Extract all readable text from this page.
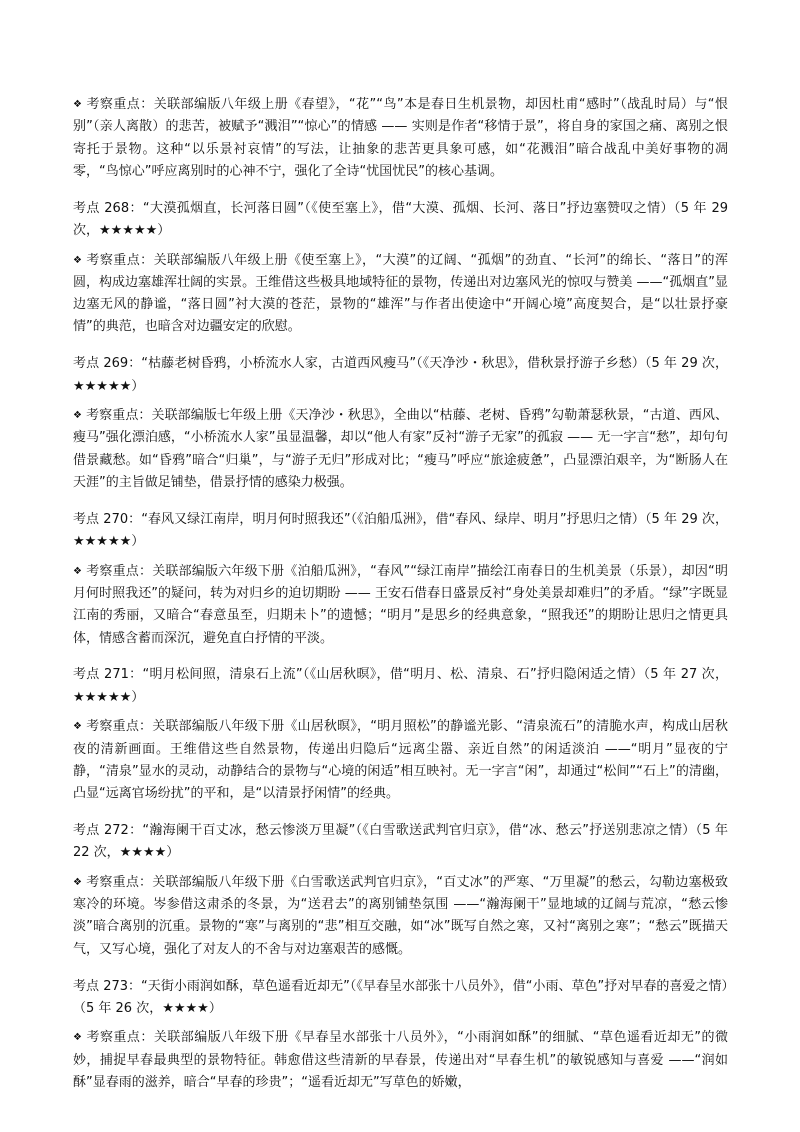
❖ 考察重点：关联部编版八年级上册《春望》，“花”“鸟”本是春日生机景物，却因杜甫“感时”（战乱时局）与“恨别”（亲人离散）的悲苦，被赋予“溅泪”“惊心”的情感 —— 实则是作者“移情于景”，将自身的家国之痛、离别之恨寄托于景物。这种“以乐景衬哀情”的写法，让抽象的悲苦更具象可感，如“花溅泪”暗合战乱中美好事物的凋零，“鸟惊心”呼应离别时的心神不宁，强化了全诗“忧国忧民”的核心基调。

考点 268：“大漠孤烟直，长河落日圆”（《使至塞上》，借“大漠、孤烟、长河、落日”抒边塞赞叹之情）（5 年 29 次，★★★★★）

❖ 考察重点：关联部编版八年级上册《使至塞上》，“大漠”的辽阔、“孤烟”的劲直、“长河”的绵长、“落日”的浑圆，构成边塞雄浑壮阔的实景。王维借这些极具地域特征的景物，传递出对边塞风光的惊叹与赞美 ——“孤烟直”显边塞无风的静谧，“落日圆”衬大漠的苍茫，景物的“雄浑”与作者出使途中“开阔心境”高度契合，是“以壮景抒豪情”的典范，也暗含对边疆安定的欣慰。

考点 269：“枯藤老树昏鸦，小桥流水人家，古道西风瘦马”（《天净沙・秋思》，借秋景抒游子乡愁）（5 年 29 次，★★★★★）

❖ 考察重点：关联部编版七年级上册《天净沙・秋思》，全曲以“枯藤、老树、昏鸦”勾勒萧瑟秋景，“古道、西风、瘦马”强化漂泊感，“小桥流水人家”虽显温馨，却以“他人有家”反衬“游子无家”的孤寂 —— 无一字言“愁”，却句句借景藏愁。如“昏鸦”暗合“归巢”，与“游子无归”形成对比；“瘦马”呼应“旅途疲惫”，凸显漂泊艰辛，为“断肠人在天涯”的主旨做足铺垫，借景抒情的感染力极强。

考点 270：“春风又绿江南岸，明月何时照我还”（《泊船瓜洲》，借“春风、绿岸、明月”抒思归之情）（5 年 29 次，★★★★★）

❖ 考察重点：关联部编版六年级下册《泊船瓜洲》，“春风”“绿江南岸”描绘江南春日的生机美景（乐景），却因“明月何时照我还”的疑问，转为对归乡的迫切期盼 —— 王安石借春日盛景反衬“身处美景却难归”的矛盾。“绿”字既显江南的秀丽，又暗合“春意虽至，归期未卜”的遗憾；“明月”是思乡的经典意象，“照我还”的期盼让思归之情更具体，情感含蓄而深沉，避免直白抒情的平淡。

考点 271：“明月松间照，清泉石上流”（《山居秋暝》，借“明月、松、清泉、石”抒归隐闲适之情）（5 年 27 次，★★★★★）

❖ 考察重点：关联部编版八年级下册《山居秋暝》，“明月照松”的静谧光影、“清泉流石”的清脆水声，构成山居秋夜的清新画面。王维借这些自然景物，传递出归隐后“远离尘嚣、亲近自然”的闲适淡泊 ——“明月”显夜的宁静，“清泉”显水的灵动，动静结合的景物与“心境的闲适”相互映衬。无一字言“闲”，却通过“松间”“石上”的清幽，凸显“远离官场纷扰”的平和，是“以清景抒闲情”的经典。

考点 272：“瀚海阑干百丈冰，愁云惨淡万里凝”（《白雪歌送武判官归京》，借“冰、愁云”抒送别悲凉之情）（5 年 22 次，★★★★）

❖ 考察重点：关联部编版八年级下册《白雪歌送武判官归京》，“百丈冰”的严寒、“万里凝”的愁云，勾勒边塞极致寒冷的环境。岑参借这肃杀的冬景，为“送君去”的离别铺垫氛围 ——“瀚海阑干”显地域的辽阔与荒凉，“愁云惨淡”暗合离别的沉重。景物的“寒”与离别的“悲”相互交融，如“冰”既写自然之寒，又衬“离别之寒”；“愁云”既描天气，又写心境，强化了对友人的不舍与对边塞艰苦的感慨。

考点 273：“天街小雨润如酥，草色遥看近却无”（《早春呈水部张十八员外》，借“小雨、草色”抒对早春的喜爱之情）（5 年 26 次，★★★★）

❖ 考察重点：关联部编版八年级下册《早春呈水部张十八员外》，“小雨润如酥”的细腻、“草色遥看近却无”的微妙，捕捉早春最典型的景物特征。韩愈借这些清新的早春景，传递出对“早春生机”的敏锐感知与喜爱 ——“润如酥”显春雨的滋养，暗合“早春的珍贵”；“遥看近却无”写草色的娇嫩，
